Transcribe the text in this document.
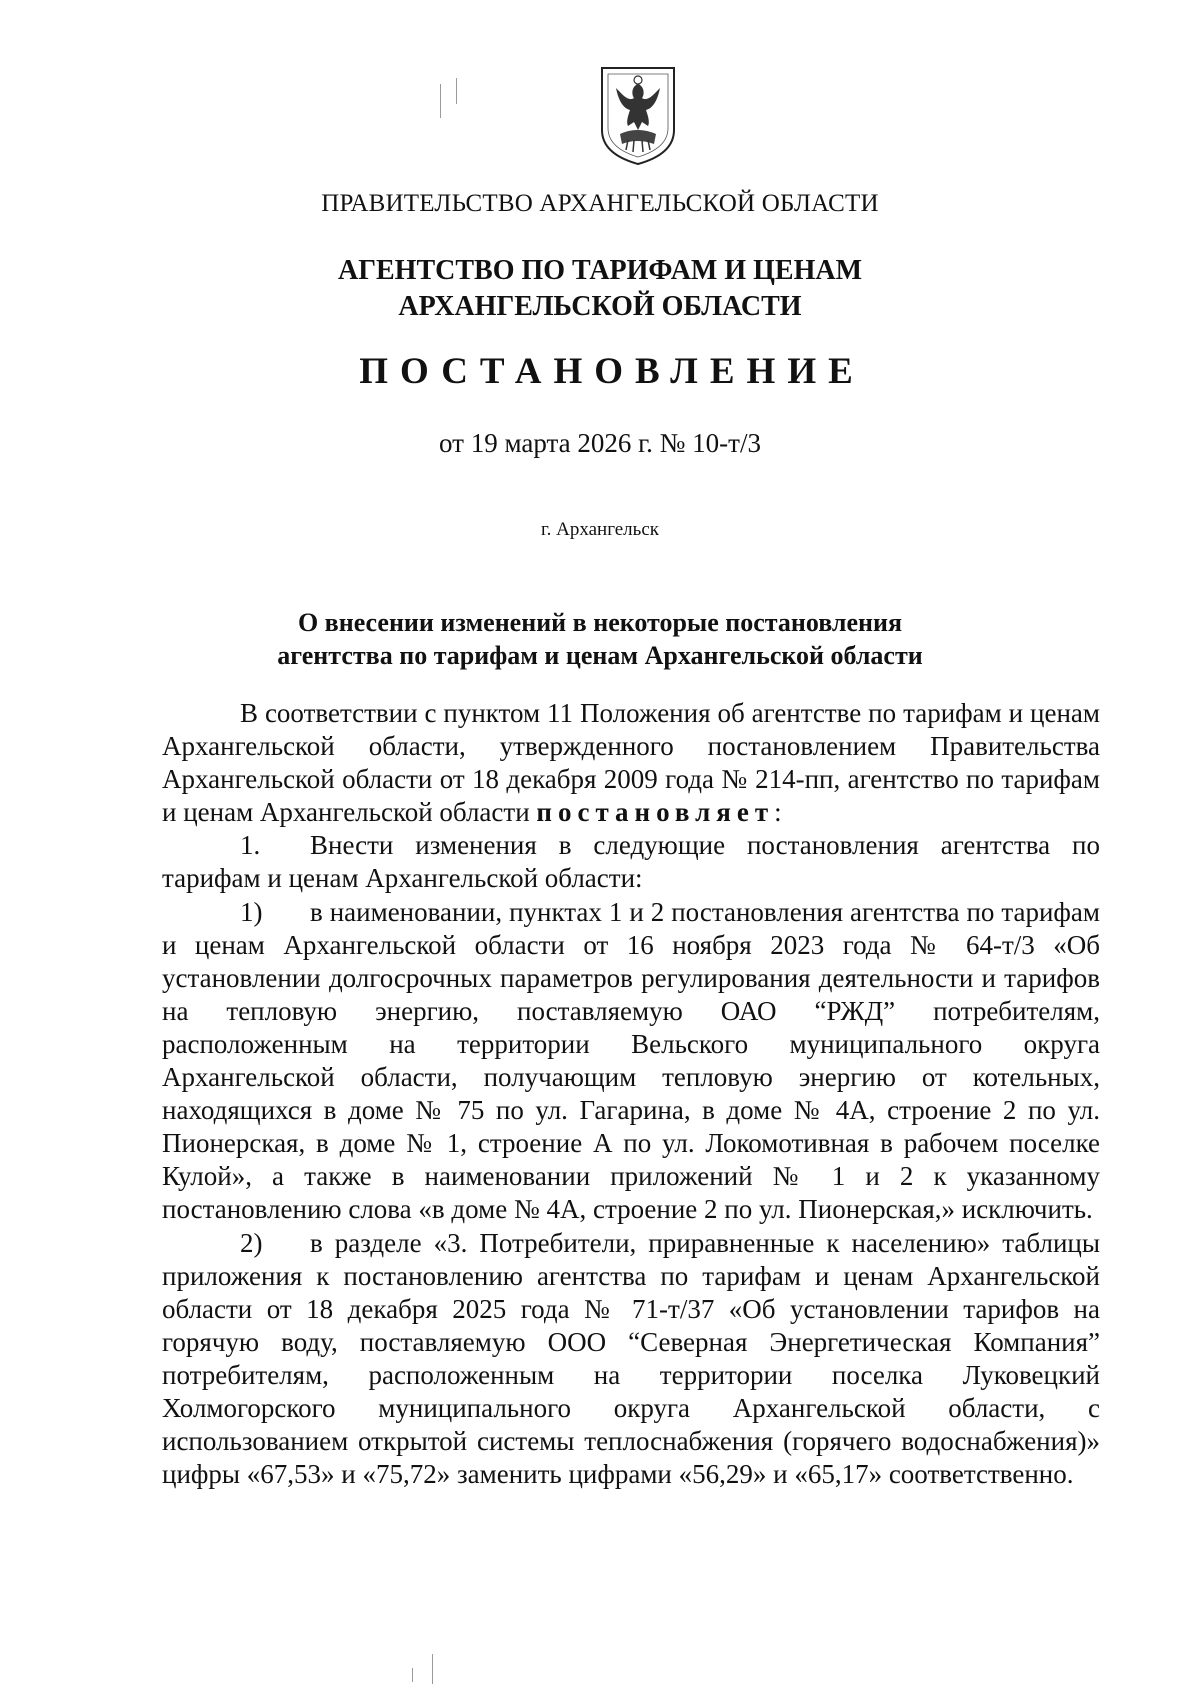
ПРАВИТЕЛЬСТВО АРХАНГЕЛЬСКОЙ ОБЛАСТИ
АГЕНТСТВО ПО ТАРИФАМ И ЦЕНАМ
АРХАНГЕЛЬСКОЙ ОБЛАСТИ
ПОСТАНОВЛЕНИЕ
от 19 марта 2026 г. № 10-т/3
г. Архангельск
О внесении изменений в некоторые постановления
агентства по тарифам и ценам Архангельской области

В соответствии с пунктом 11 Положения об агентстве по тарифам и ценам Архангельской области, утвержденного постановлением Правительства Архангельской области от 18 декабря 2009 года № 214-пп, агентство по тарифам и ценам Архангельской области постановляет:

1. Внести изменения в следующие постановления агентства по тарифам и ценам Архангельской области:

1) в наименовании, пунктах 1 и 2 постановления агентства по тарифам и ценам Архангельской области от 16 ноября 2023 года № 64-т/3 «Об установлении долгосрочных параметров регулирования деятельности и тарифов на тепловую энергию, поставляемую ОАО “РЖД” потребителям, расположенным на территории Вельского муниципального округа Архангельской области, получающим тепловую энергию от котельных, находящихся в доме № 75 по ул. Гагарина, в доме № 4А, строение 2 по ул. Пионерская, в доме № 1, строение А по ул. Локомотивная в рабочем поселке Кулой», а также в наименовании приложений № 1 и 2 к указанному постановлению слова «в доме № 4А, строение 2 по ул. Пионерская,» исключить.

2) в разделе «3. Потребители, приравненные к населению» таблицы приложения к постановлению агентства по тарифам и ценам Архангельской области от 18 декабря 2025 года № 71-т/37 «Об установлении тарифов на горячую воду, поставляемую ООО “Северная Энергетическая Компания” потребителям, расположенным на территории поселка Луковецкий Холмогорского муниципального округа Архангельской области, с использованием открытой системы теплоснабжения (горячего водоснабжения)» цифры «67,53» и «75,72» заменить цифрами «56,29» и «65,17» соответственно.
